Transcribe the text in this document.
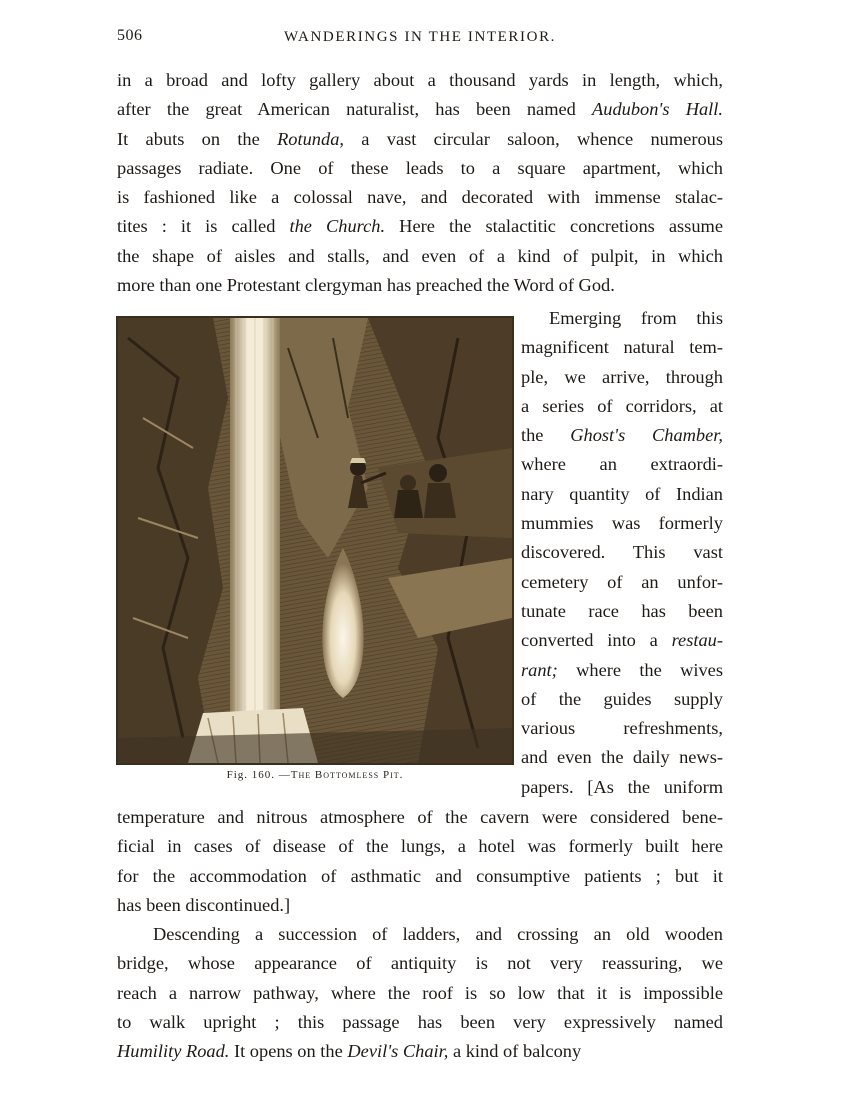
506	WANDERINGS IN THE INTERIOR.
in a broad and lofty gallery about a thousand yards in length, which,
after the great American naturalist, has been named Audubon's Hall.
It abuts on the Rotunda, a vast circular saloon, whence numerous
passages radiate. One of these leads to a square apartment, which
is fashioned like a colossal nave, and decorated with immense stalac-
tites : it is called the Church. Here the stalactitic concretions assume
the shape of aisles and stalls, and even of a kind of pulpit, in which
more than one Protestant clergyman has preached the Word of God.
Fig. 160. —The Bottomless Pit.
Emerging from this
magnificent natural tem-
ple, we arrive, through
a series of corridors, at
the Ghost's Chamber,
where an extraordi-
nary quantity of Indian
mummies was formerly
discovered. This vast
cemetery of an unfor-
tunate race has been
converted into a restau-
rant; where the wives
of the guides supply
various refreshments,
and even the daily news-
papers. [As the uniform
temperature and nitrous atmosphere of the cavern were considered bene-
ficial in cases of disease of the lungs, a hotel was formerly built here
for the accommodation of asthmatic and consumptive patients ; but it
has been discontinued.]
Descending a succession of ladders, and crossing an old wooden
bridge, whose appearance of antiquity is not very reassuring, we
reach a narrow pathway, where the roof is so low that it is impossible
to walk upright ; this passage has been very expressively named
Humility Road. It opens on the Devil's Chair, a kind of balcony
